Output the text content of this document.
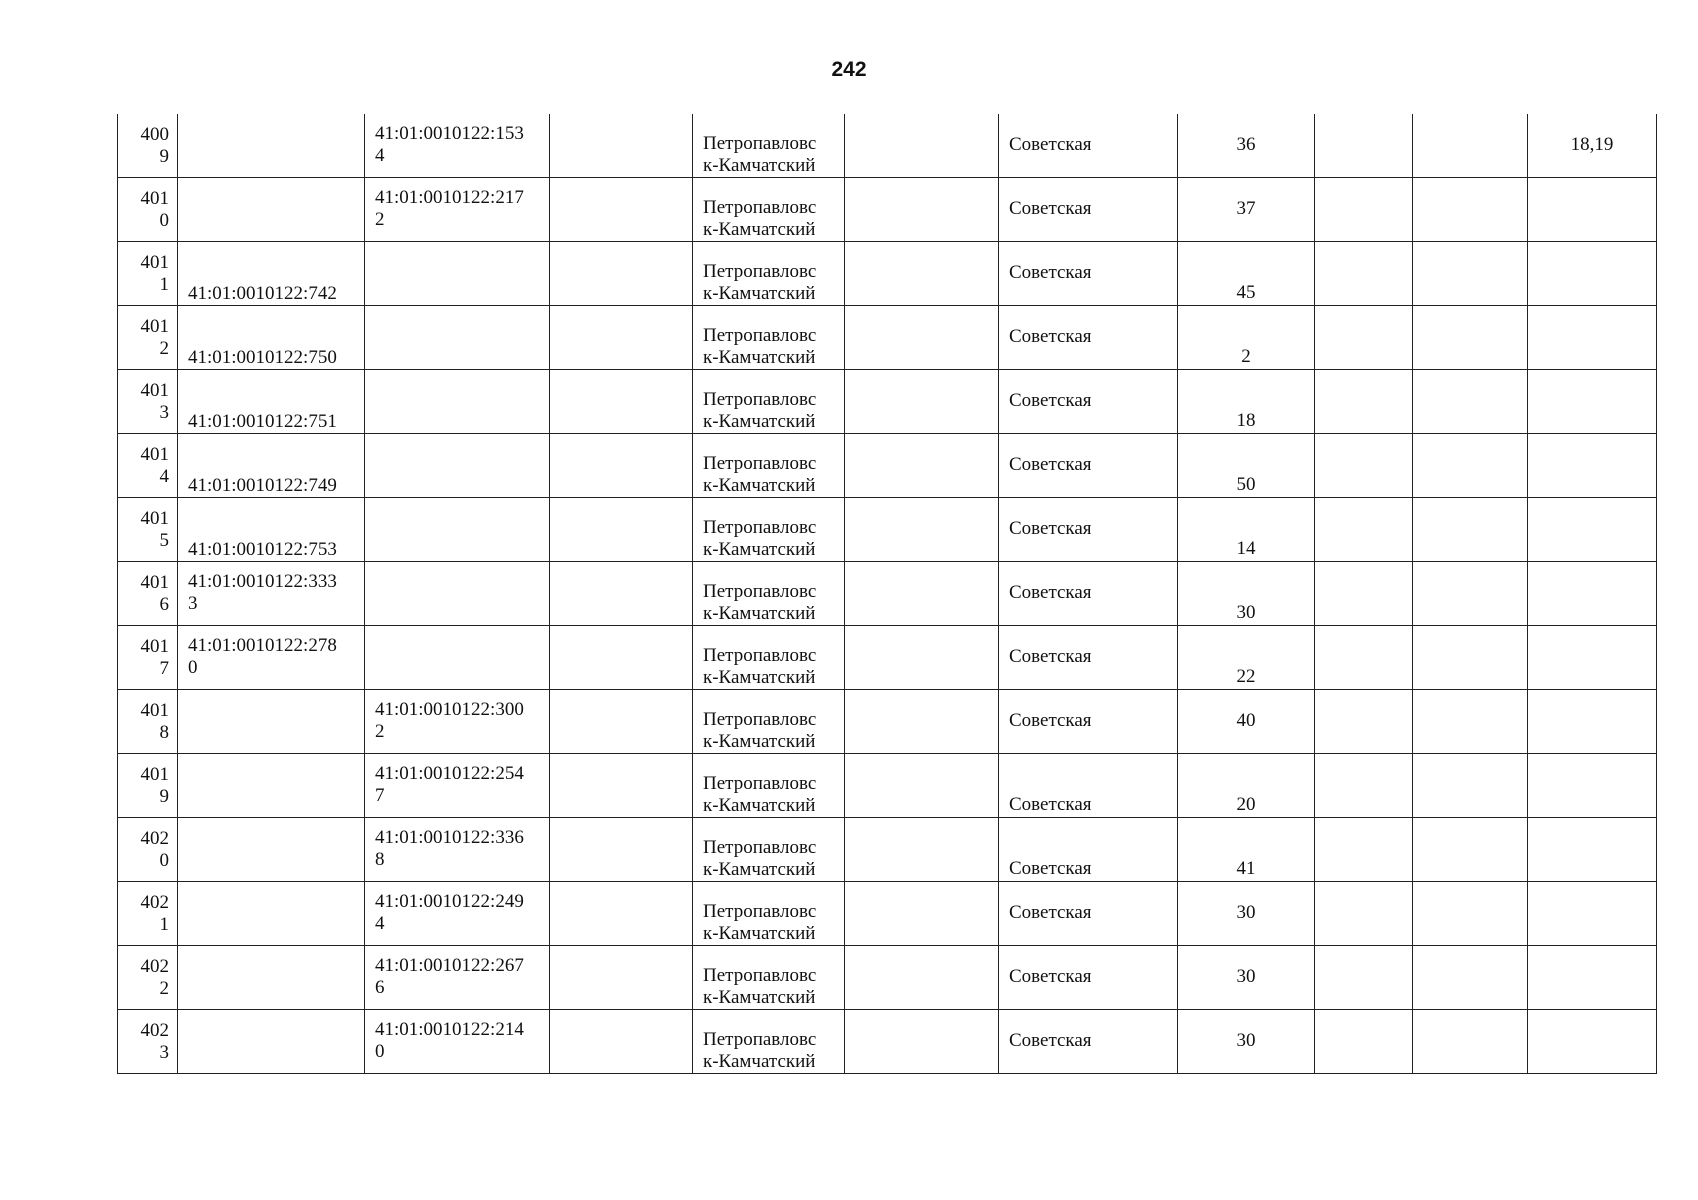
242
400
9		41:01:0010122:153
4		Петропавловс
к-Камчатский		Советская	36			18,19

401
0		41:01:0010122:217
2		Петропавловс
к-Камчатский		Советская	37			

401
1	41:01:0010122:742			Петропавловс
к-Камчатский		Советская	45			

401
2	41:01:0010122:750			Петропавловс
к-Камчатский		Советская	2			

401
3	41:01:0010122:751			Петропавловс
к-Камчатский		Советская	18			

401
4	41:01:0010122:749			Петропавловс
к-Камчатский		Советская	50			

401
5	41:01:0010122:753			Петропавловс
к-Камчатский		Советская	14			

401
6	41:01:0010122:333
3			Петропавловс
к-Камчатский		Советская	30			

401
7	41:01:0010122:278
0			Петропавловс
к-Камчатский		Советская	22			

401
8		41:01:0010122:300
2		Петропавловс
к-Камчатский		Советская	40			

401
9		41:01:0010122:254
7		Петропавловс
к-Камчатский		Советская	20			

402
0		41:01:0010122:336
8		Петропавловс
к-Камчатский		Советская	41			

402
1		41:01:0010122:249
4		Петропавловс
к-Камчатский		Советская	30			

402
2		41:01:0010122:267
6		Петропавловс
к-Камчатский		Советская	30			

402
3		41:01:0010122:214
0		Петропавловс
к-Камчатский		Советская	30			
